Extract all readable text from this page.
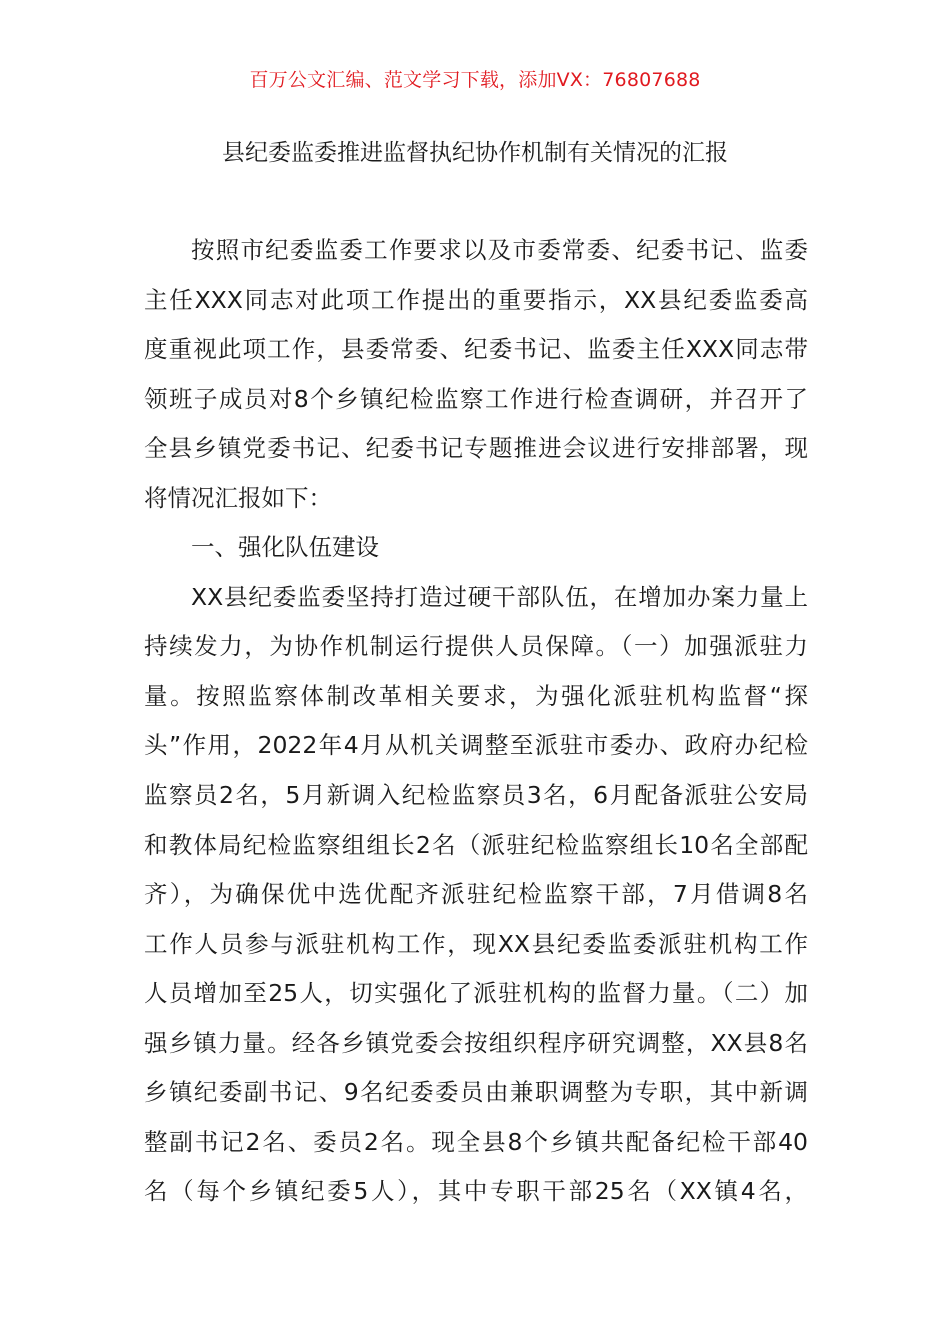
百万公文汇编、范文学习下载，添加VX：76807688
县纪委监委推进监督执纪协作机制有关情况的汇报
按照市纪委监委工作要求以及市委常委、纪委书记、监委
主任XXX同志对此项工作提出的重要指示，XX县纪委监委高
度重视此项工作，县委常委、纪委书记、监委主任XXX同志带
领班子成员对8个乡镇纪检监察工作进行检查调研，并召开了
全县乡镇党委书记、纪委书记专题推进会议进行安排部署，现
将情况汇报如下：
一、强化队伍建设
XX县纪委监委坚持打造过硬干部队伍，在增加办案力量上
持续发力，为协作机制运行提供人员保障。（一）加强派驻力
量。按照监察体制改革相关要求，为强化派驻机构监督“探
头”作用，2022年4月从机关调整至派驻市委办、政府办纪检
监察员2名，5月新调入纪检监察员3名，6月配备派驻公安局
和教体局纪检监察组组长2名（派驻纪检监察组长10名全部配
齐），为确保优中选优配齐派驻纪检监察干部，7月借调8名
工作人员参与派驻机构工作，现XX县纪委监委派驻机构工作
人员增加至25人，切实强化了派驻机构的监督力量。（二）加
强乡镇力量。经各乡镇党委会按组织程序研究调整，XX县8名
乡镇纪委副书记、9名纪委委员由兼职调整为专职，其中新调
整副书记2名、委员2名。现全县8个乡镇共配备纪检干部40
名（每个乡镇纪委5人），其中专职干部25名（XX镇4名，
